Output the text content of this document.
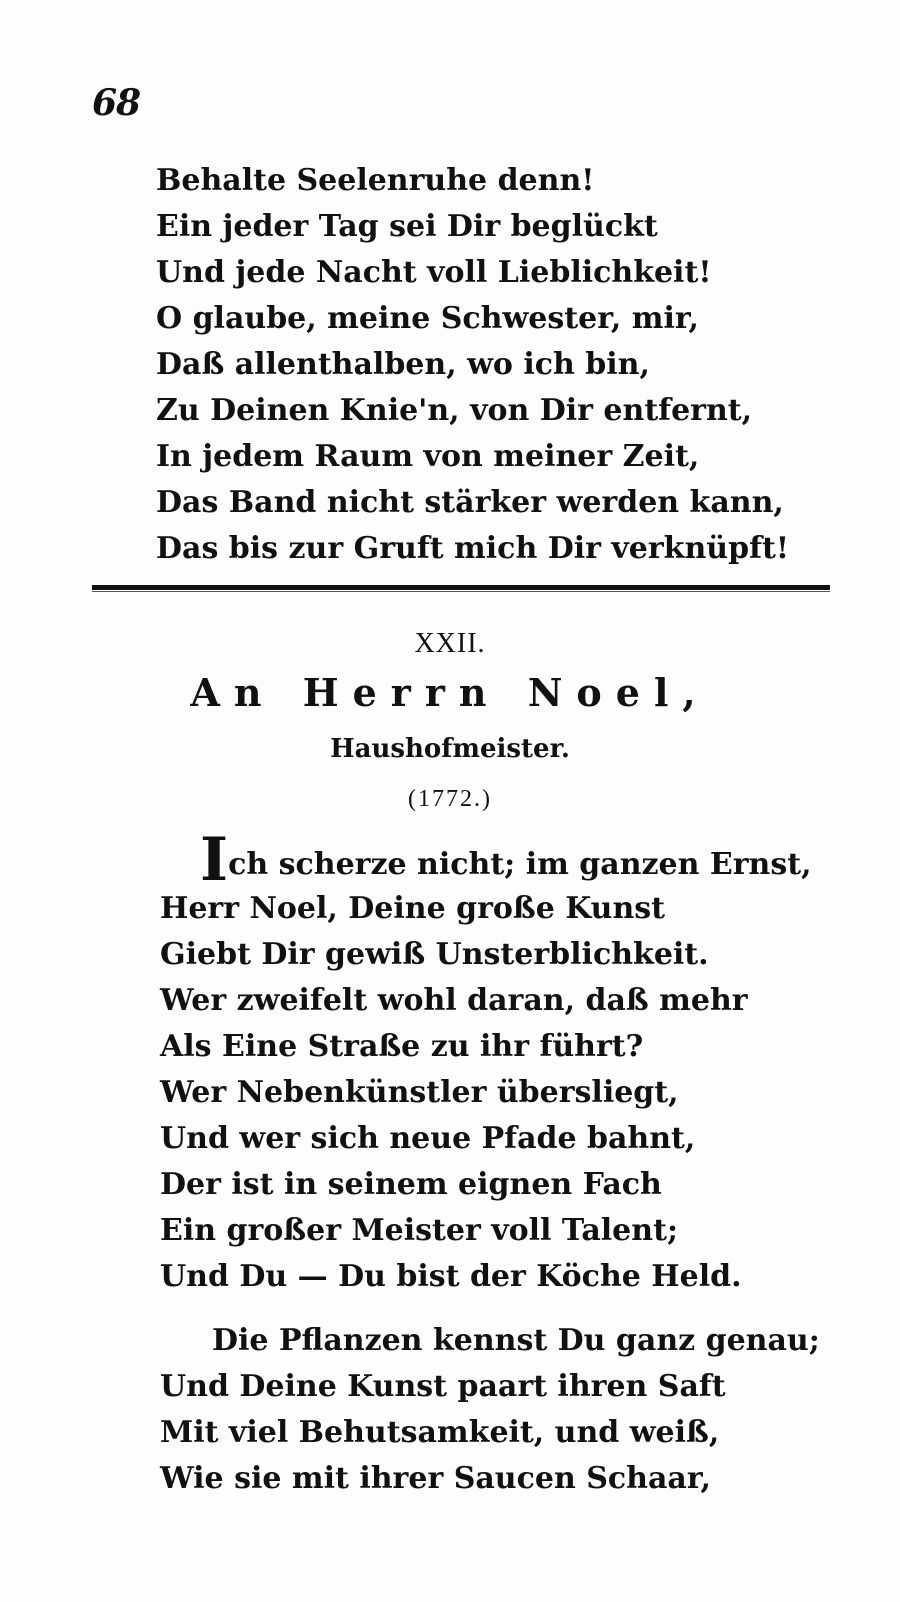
68
Behalte Seelenruhe denn!
Ein jeder Tag sei Dir beglückt
Und jede Nacht voll Lieblichkeit!
O glaube, meine Schwester, mir,
Daß allenthalben, wo ich bin,
Zu Deinen Knie'n, von Dir entfernt,
In jedem Raum von meiner Zeit,
Das Band nicht stärker werden kann,
Das bis zur Gruft mich Dir verknüpft!
XXII.
An Herrn Noel,
Haushofmeister.
(1772.)
Ich scherze nicht; im ganzen Ernst,
Herr Noel, Deine große Kunst
Giebt Dir gewiß Unsterblichkeit.
Wer zweifelt wohl daran, daß mehr
Als Eine Straße zu ihr führt?
Wer Nebenkünstler übersliegt,
Und wer sich neue Pfade bahnt,
Der ist in seinem eignen Fach
Ein großer Meister voll Talent;
Und Du — Du bist der Köche Held.
Die Pflanzen kennst Du ganz genau;
Und Deine Kunst paart ihren Saft
Mit viel Behutsamkeit, und weiß,
Wie sie mit ihrer Saucen Schaar,
